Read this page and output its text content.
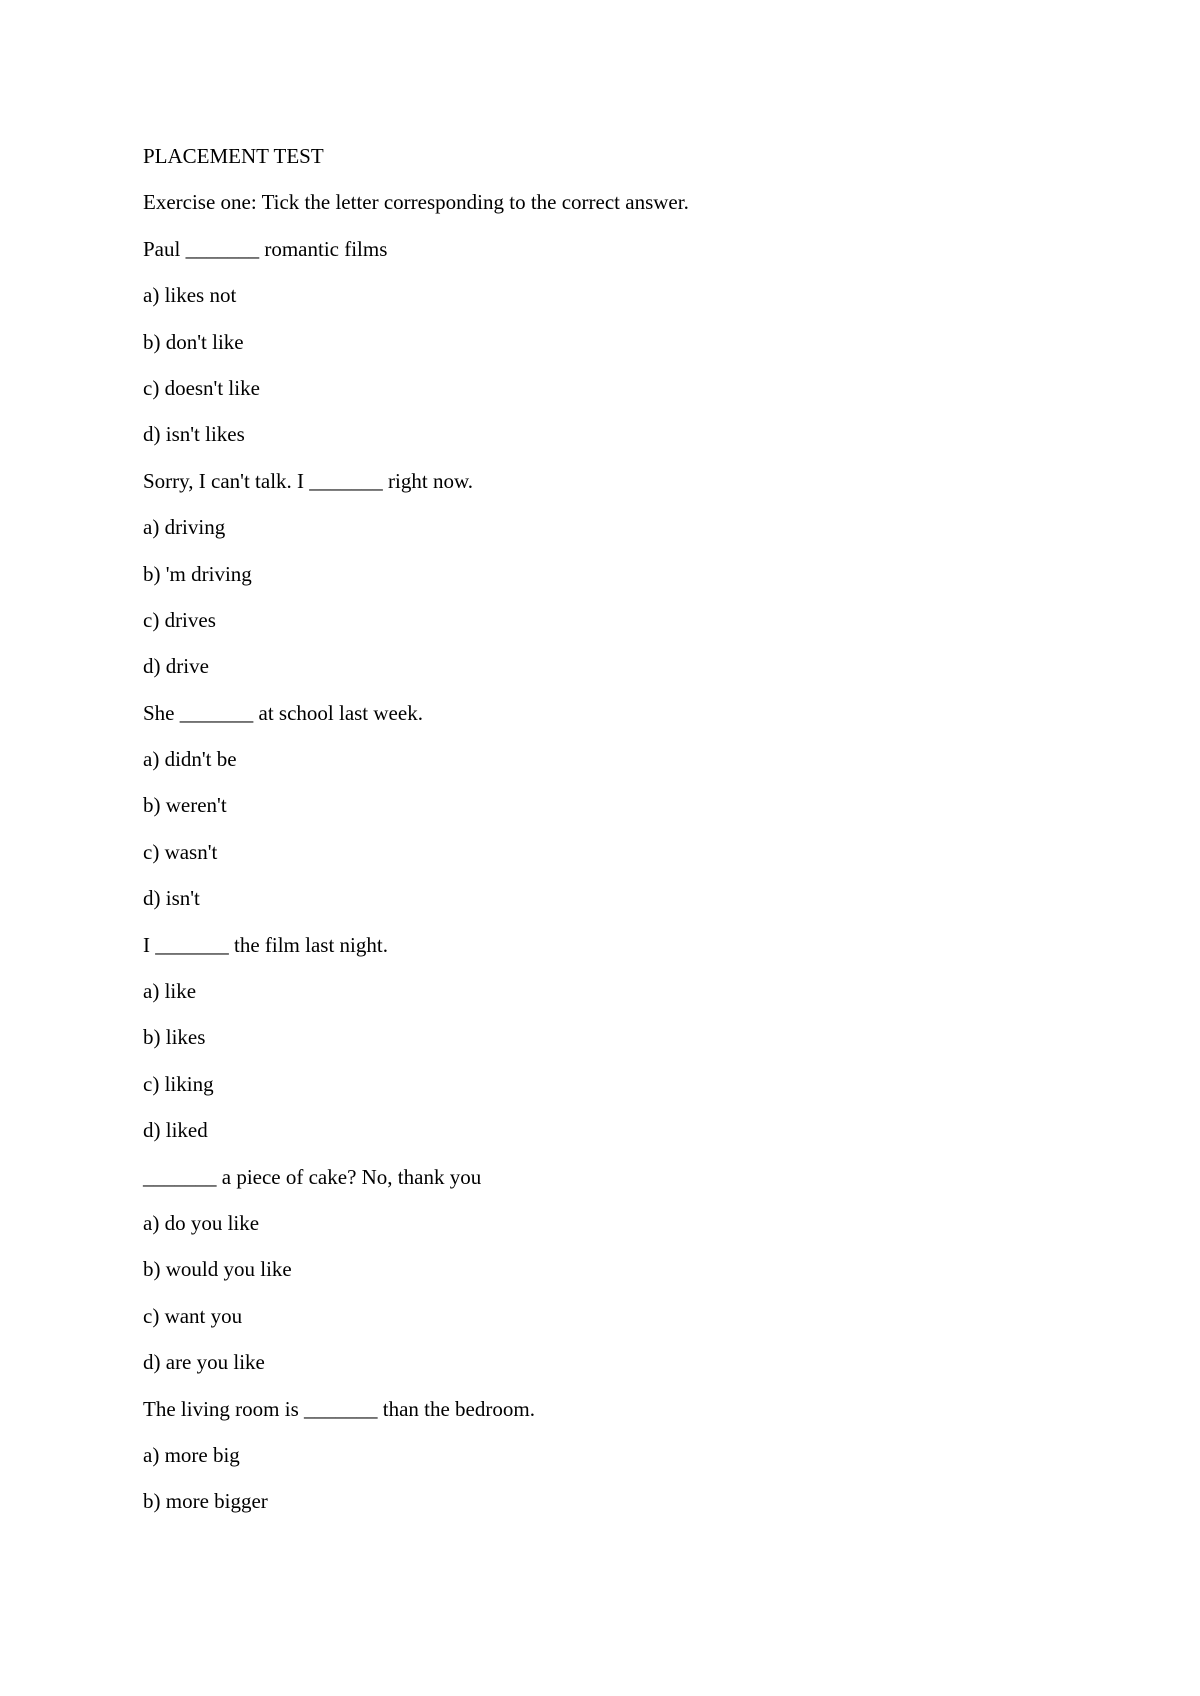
PLACEMENT TEST
Exercise one: Tick the letter corresponding to the correct answer.
Paul _______ romantic films
a) likes not
b) don't like
c) doesn't like
d) isn't likes
Sorry, I can't talk. I _______ right now.
a) driving
b) 'm driving
c) drives
d) drive
She _______ at school last week.
a) didn't be
b) weren't
c) wasn't
d) isn't
I _______ the film last night.
a) like
b) likes
c) liking
d) liked
_______ a piece of cake? No, thank you
a) do you like
b) would you like
c) want you
d) are you like
The living room is _______ than the bedroom.
a) more big
b) more bigger
